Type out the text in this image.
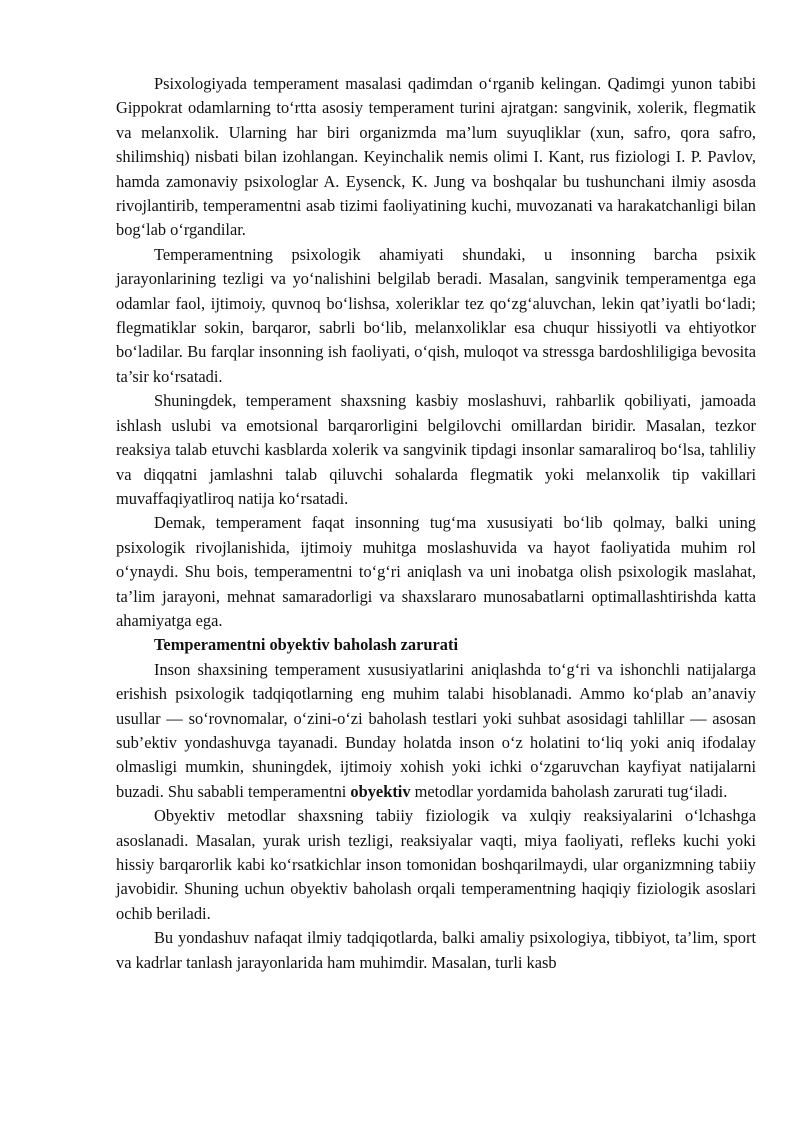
Psixologiyada temperament masalasi qadimdan o‘rganib kelingan. Qadimgi yunon tabibi Gippokrat odamlarning to‘rtta asosiy temperament turini ajratgan: sangvinik, xolerik, flegmatik va melanxolik. Ularning har biri organizmda ma’lum suyuqliklar (xun, safro, qora safro, shilimshiq) nisbati bilan izohlangan. Keyinchalik nemis olimi I. Kant, rus fiziologi I. P. Pavlov, hamda zamonaviy psixologlar A. Eysenck, K. Jung va boshqalar bu tushunchani ilmiy asosda rivojlantirib, temperamentni asab tizimi faoliyatining kuchi, muvozanati va harakatchanligi bilan bog‘lab o‘rgandilar.

Temperamentning psixologik ahamiyati shundaki, u insonning barcha psixik jarayonlarining tezligi va yo‘nalishini belgilab beradi. Masalan, sangvinik temperamentga ega odamlar faol, ijtimoiy, quvnoq bo‘lishsa, xoleriklar tez qo‘zg‘aluvchan, lekin qat’iyatli bo‘ladi; flegmatiklar sokin, barqaror, sabrli bo‘lib, melanxoliklar esa chuqur hissiyotli va ehtiyotkor bo‘ladilar. Bu farqlar insonning ish faoliyati, o‘qish, muloqot va stressga bardoshliligiga bevosita ta’sir ko‘rsatadi.

Shuningdek, temperament shaxsning kasbiy moslashuvi, rahbarlik qobiliyati, jamoada ishlash uslubi va emotsional barqarorligini belgilovchi omillardan biridir. Masalan, tezkor reaksiya talab etuvchi kasblarda xolerik va sangvinik tipdagi insonlar samaraliroq bo‘lsa, tahliliy va diqqatni jamlashni talab qiluvchi sohalarda flegmatik yoki melanxolik tip vakillari muvaffaqiyatliroq natija ko‘rsatadi.

Demak, temperament faqat insonning tug‘ma xususiyati bo‘lib qolmay, balki uning psixologik rivojlanishida, ijtimoiy muhitga moslashuvida va hayot faoliyatida muhim rol o‘ynaydi. Shu bois, temperamentni to‘g‘ri aniqlash va uni inobatga olish psixologik maslahat, ta’lim jarayoni, mehnat samaradorligi va shaxslararo munosabatlarni optimallashtirishda katta ahamiyatga ega.

Temperamentni obyektiv baholash zarurati

Inson shaxsining temperament xususiyatlarini aniqlashda to‘g‘ri va ishonchli natijalarga erishish psixologik tadqiqotlarning eng muhim talabi hisoblanadi. Ammo ko‘plab an’anaviy usullar — so‘rovnomalar, o‘zini-o‘zi baholash testlari yoki suhbat asosidagi tahlillar — asosan sub’ektiv yondashuvga tayanadi. Bunday holatda inson o‘z holatini to‘liq yoki aniq ifodalay olmasligi mumkin, shuningdek, ijtimoiy xohish yoki ichki o‘zgaruvchan kayfiyat natijalarni buzadi. Shu sababli temperamentni obyektiv metodlar yordamida baholash zarurati tug‘iladi.

Obyektiv metodlar shaxsning tabiiy fiziologik va xulqiy reaksiyalarini o‘lchashga asoslanadi. Masalan, yurak urish tezligi, reaksiyalar vaqti, miya faoliyati, refleks kuchi yoki hissiy barqarorlik kabi ko‘rsatkichlar inson tomonidan boshqarilmaydi, ular organizmning tabiiy javobidir. Shuning uchun obyektiv baholash orqali temperamentning haqiqiy fiziologik asoslari ochib beriladi.

Bu yondashuv nafaqat ilmiy tadqiqotlarda, balki amaliy psixologiya, tibbiyot, ta’lim, sport va kadrlar tanlash jarayonlarida ham muhimdir. Masalan, turli kasb
